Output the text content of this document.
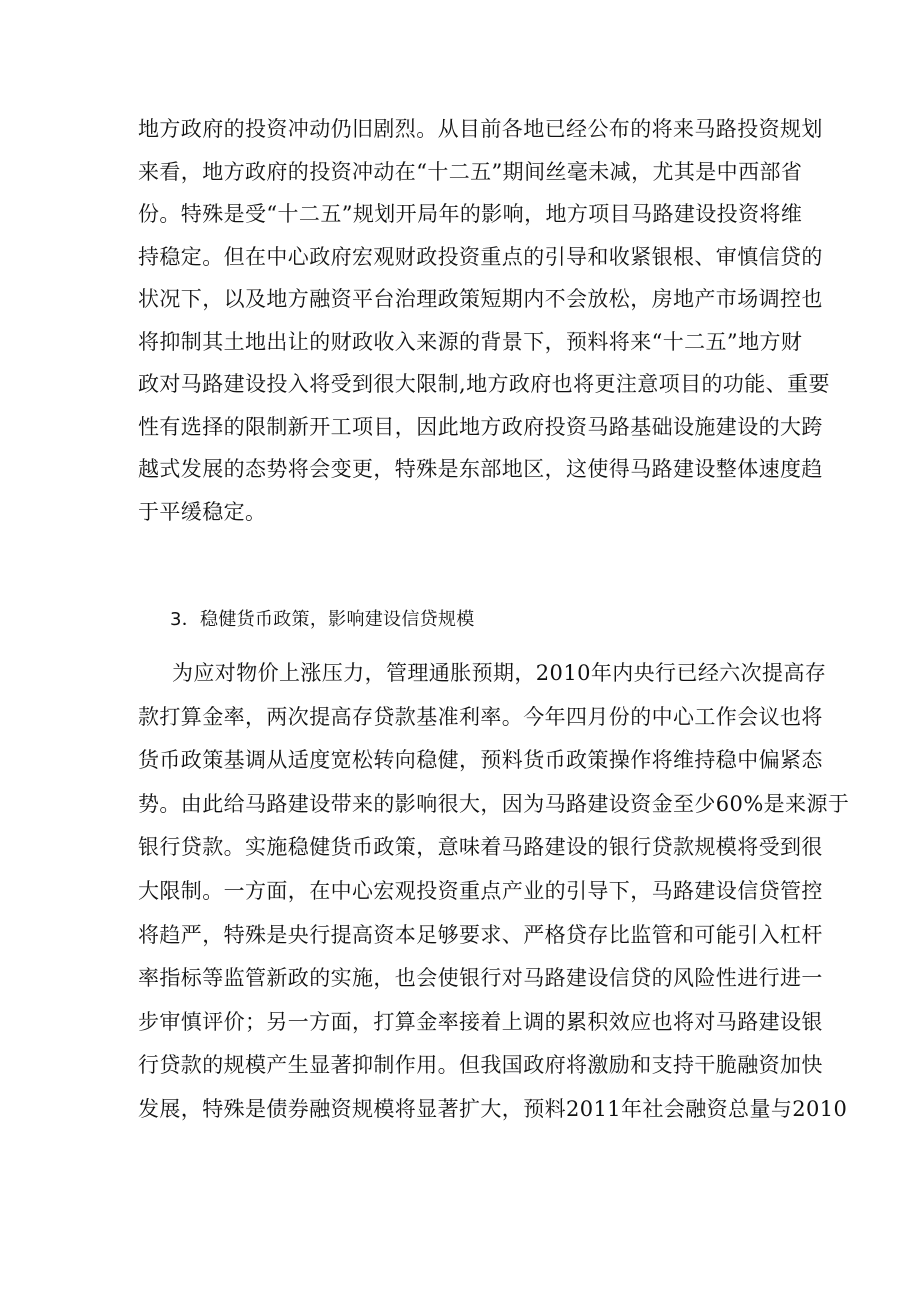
地方政府的投资冲动仍旧剧烈。从目前各地已经公布的将来马路投资规划
来看，地方政府的投资冲动在“十二五”期间丝毫未减，尤其是中西部省
份。特殊是受“十二五”规划开局年的影响，地方项目马路建设投资将维
持稳定。但在中心政府宏观财政投资重点的引导和收紧银根、审慎信贷的
状况下，以及地方融资平台治理政策短期内不会放松，房地产市场调控也
将抑制其土地出让的财政收入来源的背景下，预料将来“十二五”地方财
政对马路建设投入将受到很大限制,地方政府也将更注意项目的功能、重要
性有选择的限制新开工项目，因此地方政府投资马路基础设施建设的大跨
越式发展的态势将会变更，特殊是东部地区，这使得马路建设整体速度趋
于平缓稳定。
3．稳健货币政策，影响建设信贷规模
为应对物价上涨压力，管理通胀预期，2010年内央行已经六次提高存
款打算金率，两次提高存贷款基准利率。今年四月份的中心工作会议也将
货币政策基调从适度宽松转向稳健，预料货币政策操作将维持稳中偏紧态
势。由此给马路建设带来的影响很大，因为马路建设资金至少60%是来源于
银行贷款。实施稳健货币政策，意味着马路建设的银行贷款规模将受到很
大限制。一方面，在中心宏观投资重点产业的引导下，马路建设信贷管控
将趋严，特殊是央行提高资本足够要求、严格贷存比监管和可能引入杠杆
率指标等监管新政的实施，也会使银行对马路建设信贷的风险性进行进一
步审慎评价；另一方面，打算金率接着上调的累积效应也将对马路建设银
行贷款的规模产生显著抑制作用。但我国政府将激励和支持干脆融资加快
发展，特殊是债券融资规模将显著扩大，预料2011年社会融资总量与2010
